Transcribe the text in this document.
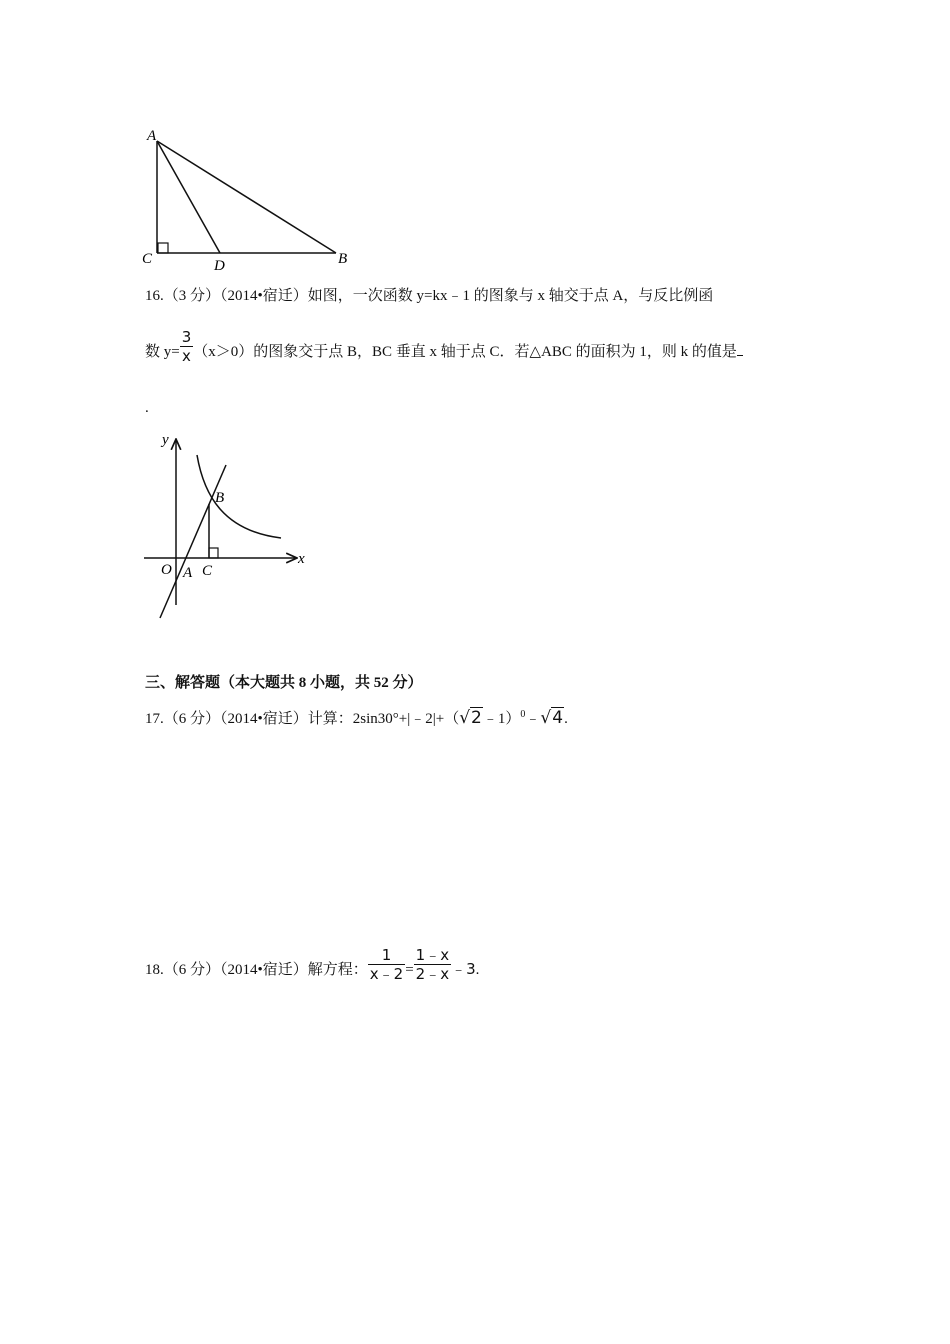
A
C	D	B
16.（3 分）（2014•宿迁）如图，一次函数 y=kx﹣1 的图象与 x 轴交于点 A，与反比例函
数 $y= \frac{3}{x} (x>0)$的图象交于点 B，BC 垂直 x 轴于点 C．若△ABC 的面积为 1，则 k 的值是
.
y
x
B
O A C
三、解答题（本大题共 8 小题，共 52 分）
17.（6 分）（2014•宿迁）计算：2sin30°+|﹣2|+（√2﹣1）$^0$﹣√4.
18.（6 分）（2014•宿迁）解方程： $\frac{1}{x﹣2} = \frac{1﹣x}{2﹣x}$ ﹣3.
